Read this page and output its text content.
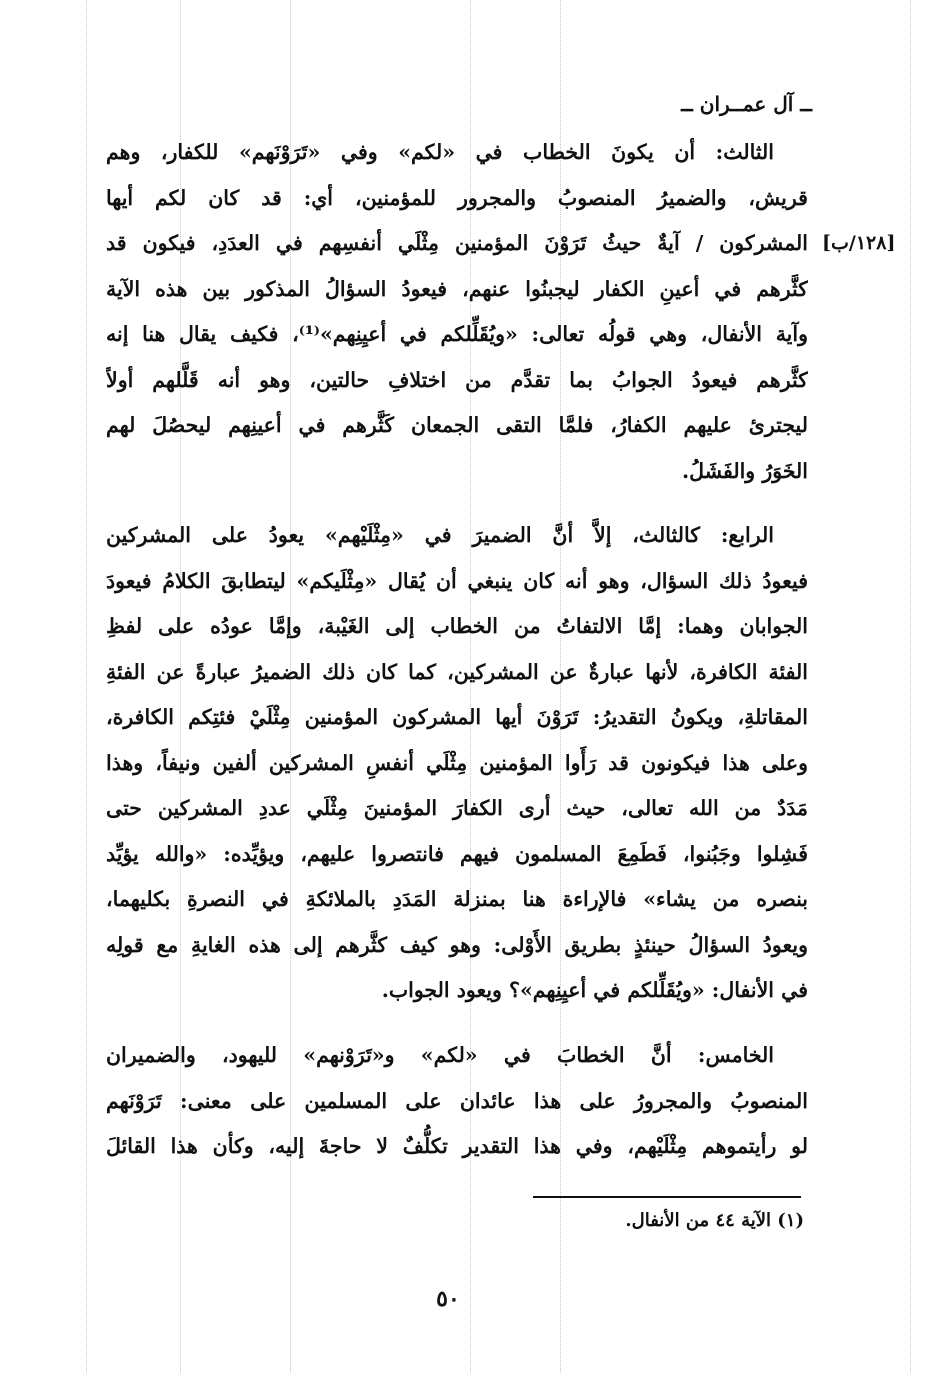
ــ آل عمــران ــ
[١٢٨/ب]
الثالث: أن يكونَ الخطاب في «لكم» وفي «تَرَوْنَهم» للكفار، وهم
قريش، والضميرُ المنصوبُ والمجرور للمؤمنين، أي: قد كان لكم أيها
المشركون / آيةٌ حيثُ تَرَوْنَ المؤمنين مِثْلَي أنفسِهم في العدَدِ، فيكون قد
كثَّرهم في أعينِ الكفار ليجبنُوا عنهم، فيعودُ السؤالُ المذكور بين هذه الآية
وآية الأنفال، وهي قولُه تعالى: «ويُقَلِّلكم في أعيِنِهم»⁽¹⁾، فكيف يقال هنا إنه
كثَّرهم فيعودُ الجوابُ بما تقدَّم من اختلافِ حالتين، وهو أنه قَلَّلهم أولاً
ليجترئ عليهم الكفارُ، فلمَّا التقى الجمعان كَثَّرهم في أعينِهم ليحصُلَ لهم
الخَوَرُ والفَشَلُ.
الرابع: كالثالث، إلاَّ أنَّ الضميرَ في «مِثْلَيْهم» يعودُ على المشركين
فيعودُ ذلك السؤال، وهو أنه كان ينبغي أن يُقال «مِثْلَيكم» ليتطابقَ الكلامُ فيعودَ
الجوابان وهما: إمَّا الالتفاتُ من الخطاب إلى الغَيْبة، وإمَّا عودُه على لفظِ
الفئة الكافرة، لأنها عبارةٌ عن المشركين، كما كان ذلك الضميرُ عبارةً عن الفئةِ
المقاتلةِ، ويكونُ التقديرُ: تَرَوْنَ أيها المشركون المؤمنين مِثْلَيْ فئتِكم الكافرة،
وعلى هذا فيكونون قد رَأَوا المؤمنين مِثْلَي أنفسِ المشركين ألفين ونيفاً، وهذا
مَدَدٌ من الله تعالى، حيث أرى الكفارَ المؤمنينَ مِثْلَي عددِ المشركين حتى
فَشِلوا وجَبُنوا، فَطَمِعَ المسلمون فيهم فانتصروا عليهم، ويؤيِّده: «والله يؤيِّد
بنصره من يشاء» فالإراءة هنا بمنزلة المَدَدِ بالملائكةِ في النصرةِ بكليهما،
ويعودُ السؤالُ حينئذٍ بطريق الأَوْلى: وهو كيف كثَّرهم إلى هذه الغايةِ مع قولِه
في الأنفال: «ويُقَلِّلكم في أعيِنِهم»؟ ويعود الجواب.
الخامس: أنَّ الخطابَ في «لكم» و«تَرَوْنهم» لليهود، والضميران
المنصوبُ والمجرورُ على هذا عائدان على المسلمين على معنى: تَرَوْنَهم
لو رأيتموهم مِثْلَيْهم، وفي هذا التقدير تكلُّفٌ لا حاجةَ إليه، وكأن هذا القائلَ
(١) الآية ٤٤ من الأنفال.
٥٠
